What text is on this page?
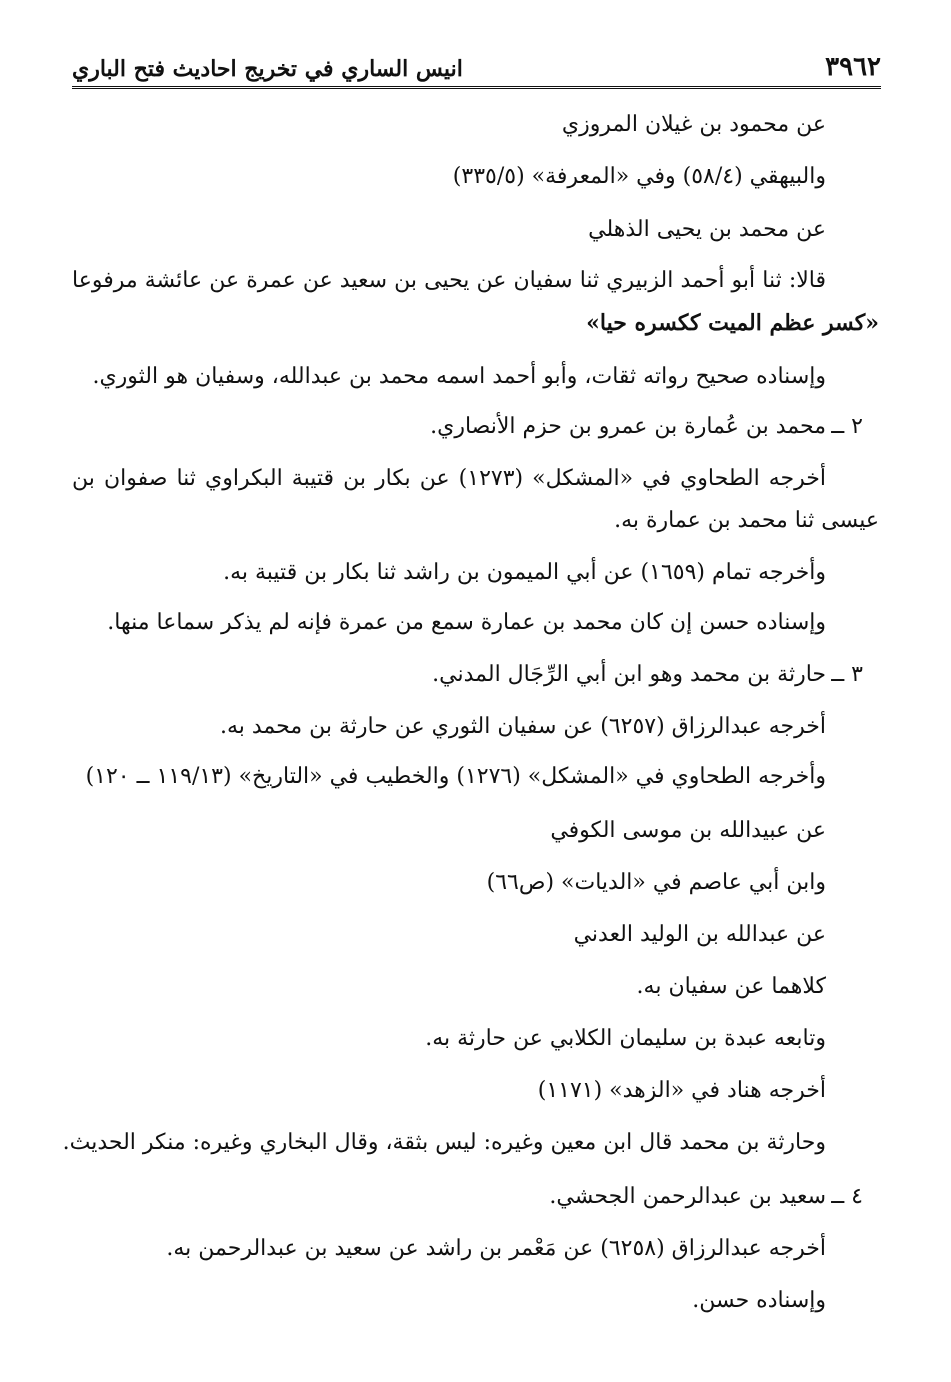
٣٩٦٢
انيس الساري في تخريج احاديث فتح الباري
عن محمود بن غيلان المروزي
والبيهقي (٥٨/٤) وفي «المعرفة» (٣٣٥/٥)
عن محمد بن يحيى الذهلي
قالا: ثنا أبو أحمد الزبيري ثنا سفيان عن يحيى بن سعيد عن عمرة عن عائشة مرفوعا
«كسر عظم الميت ككسره حيا»
وإسناده صحيح رواته ثقات، وأبو أحمد اسمه محمد بن عبدالله، وسفيان هو الثوري.
٢ ــ
محمد بن عُمارة بن عمرو بن حزم الأنصاري.
أخرجه الطحاوي في «المشكل» (١٢٧٣) عن بكار بن قتيبة البكراوي ثنا صفوان بن
عيسى ثنا محمد بن عمارة به.
وأخرجه تمام (١٦٥٩) عن أبي الميمون بن راشد ثنا بكار بن قتيبة به.
وإسناده حسن إن كان محمد بن عمارة سمع من عمرة فإنه لم يذكر سماعا منها.
٣ ــ
حارثة بن محمد وهو ابن أبي الرِّجَال المدني.
أخرجه عبدالرزاق (٦٢٥٧) عن سفيان الثوري عن حارثة بن محمد به.
وأخرجه الطحاوي في «المشكل» (١٢٧٦) والخطيب في «التاريخ» (١١٩/١٣ ــ ١٢٠)
عن عبيدالله بن موسى الكوفي
وابن أبي عاصم في «الديات» (ص٦٦)
عن عبدالله بن الوليد العدني
كلاهما عن سفيان به.
وتابعه عبدة بن سليمان الكلابي عن حارثة به.
أخرجه هناد في «الزهد» (١١٧١)
وحارثة بن محمد قال ابن معين وغيره: ليس بثقة، وقال البخاري وغيره: منكر الحديث.
٤ ــ
سعيد بن عبدالرحمن الجحشي.
أخرجه عبدالرزاق (٦٢٥٨) عن مَعْمر بن راشد عن سعيد بن عبدالرحمن به.
وإسناده حسن.
